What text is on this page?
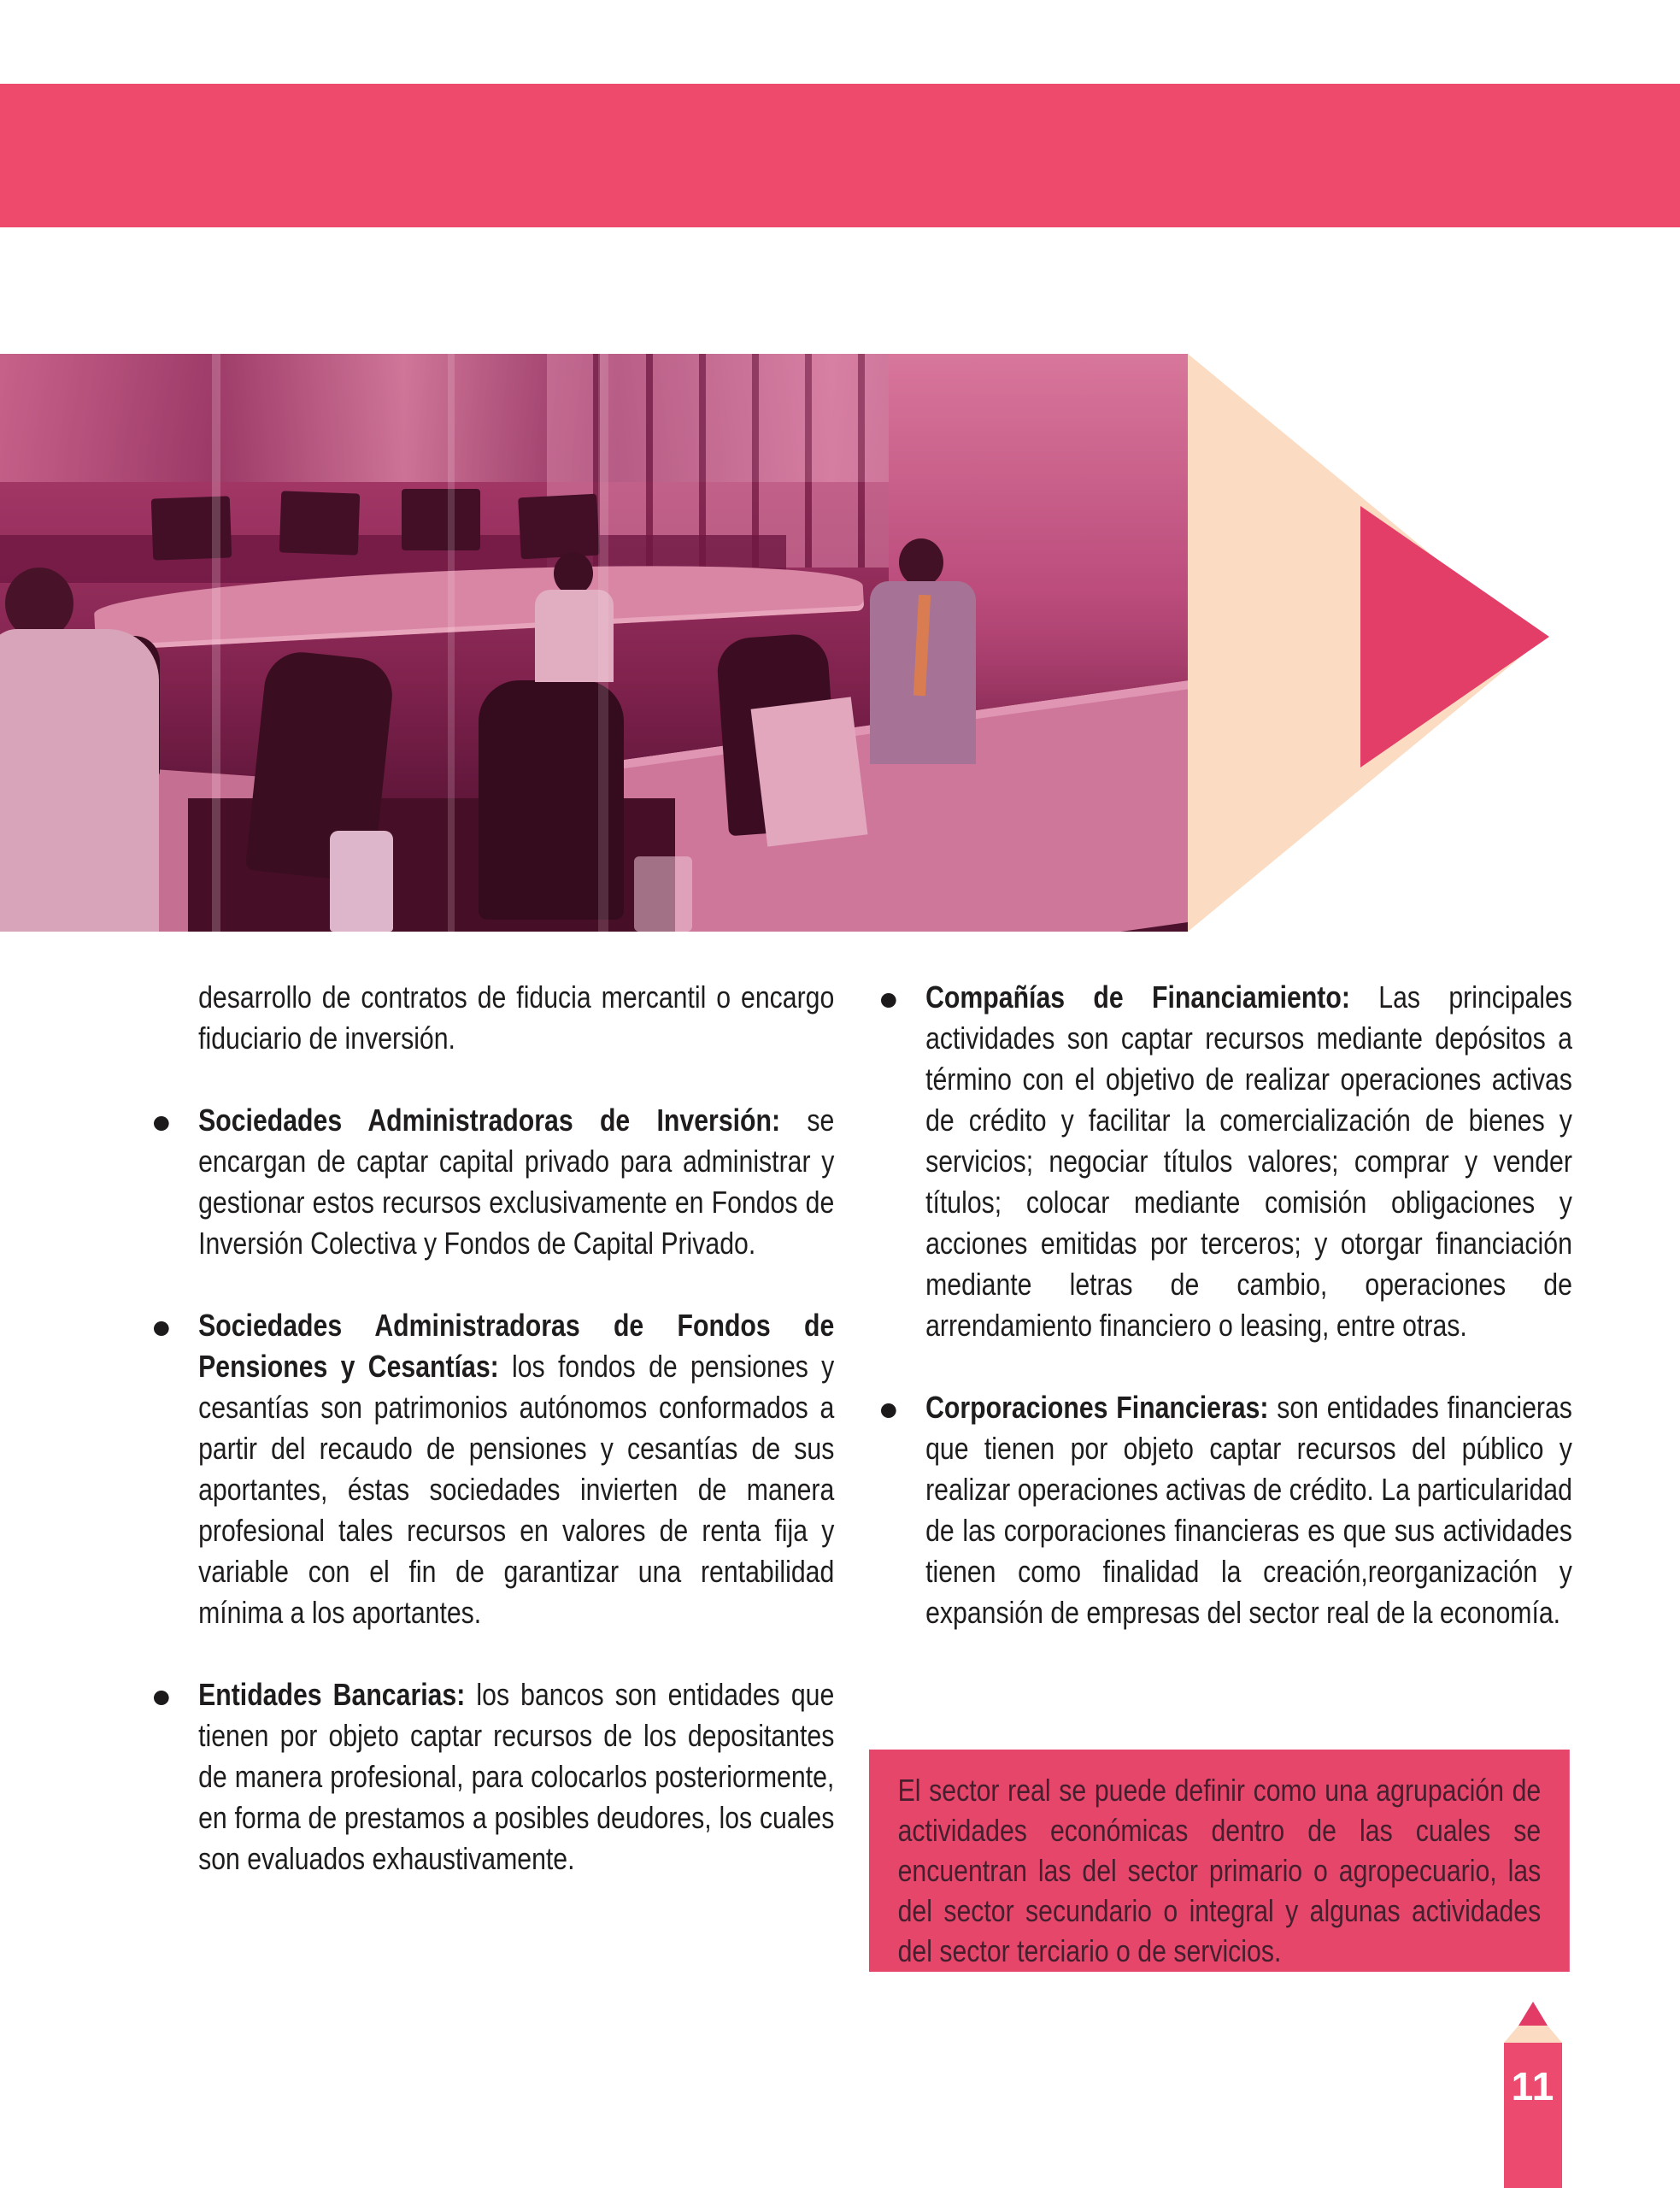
desarrollo de contratos de fiducia mercantil o encargo fiduciario de inversión.

Sociedades Administradoras de Inversión: se encargan de captar capital privado para administrar y gestionar estos recursos exclusivamente en Fondos de Inversión Colectiva y Fondos de Capital Privado.

Sociedades Administradoras de Fondos de Pensiones y Cesantías: los fondos de pensiones y cesantías son patrimonios autónomos conformados a partir del recaudo de pensiones y cesantías de sus aportantes, éstas sociedades invierten de manera profesional tales recursos en valores de renta fija y variable con el fin de garantizar una rentabilidad mínima a los aportantes.

Entidades Bancarias: los bancos son entidades que tienen por objeto captar recursos de los depositantes de manera profesional, para colocarlos posteriormente, en forma de prestamos a posibles deudores, los cuales son evaluados exhaustivamente.

Compañías de Financiamiento: Las principales actividades son captar recursos mediante depósitos a término con el objetivo de realizar operaciones activas de crédito y facilitar la comercialización de bienes y servicios; negociar títulos valores; comprar y vender títulos; colocar mediante comisión obligaciones y acciones emitidas por terceros; y otorgar financiación mediante letras de cambio, operaciones de arrendamiento financiero o leasing, entre otras.

Corporaciones Financieras: son entidades financieras que tienen por objeto captar recursos del público y realizar operaciones activas de crédito. La particularidad de las corporaciones financieras es que sus actividades tienen como finalidad la creación,reorganización y expansión de empresas del sector real de la economía.

El sector real se puede definir como una agrupación de actividades económicas dentro de las cuales se encuentran las del sector primario o agropecuario, las del sector secundario o integral y algunas actividades del sector terciario o de servicios.
11
